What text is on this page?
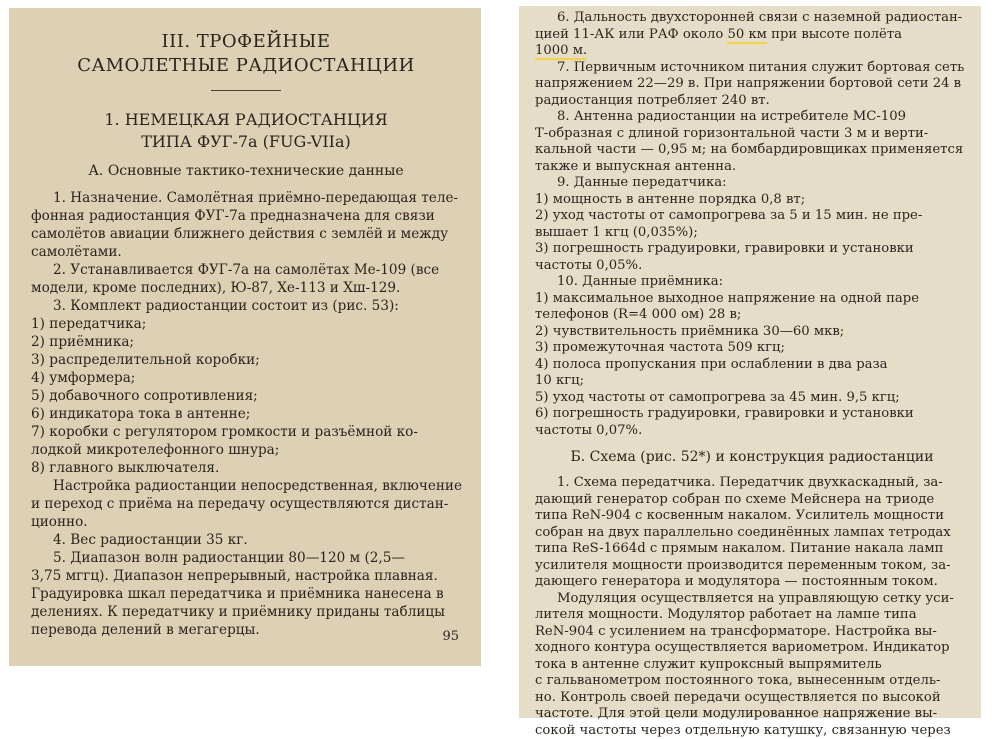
III. ТРОФЕЙНЫЕ
САМОЛЕТНЫЕ РАДИОСТАНЦИИ
1. НЕМЕЦКАЯ РАДИОСТАНЦИЯ
ТИПА ФУГ-7а (FUG-VIIa)
А. Основные тактико-технические данные
1. Назначение. Самолётная приёмно-передающая теле-
фонная радиостанция ФУГ-7а предназначена для связи
самолётов авиации ближнего действия с землёй и между
самолётами.
2. Устанавливается ФУГ-7а на самолётах Ме-109 (все
модели, кроме последних), Ю-87, Хе-113 и Хш-129.
3. Комплект радиостанции состоит из (рис. 53):
1) передатчика;
2) приёмника;
3) распределительной коробки;
4) умформера;
5) добавочного сопротивления;
6) индикатора тока в антенне;
7) коробки с регулятором громкости и разъёмной ко-
лодкой микротелефонного шнура;
8) главного выключателя.
Настройка радиостанции непосредственная, включение
и переход с приёма на передачу осуществляются дистан-
ционно.
4. Вес радиостанции 35 кг.
5. Диапазон волн радиостанции 80—120 м (2,5—
3,75 мггц). Диапазон непрерывный, настройка плавная.
Градуировка шкал передатчика и приёмника нанесена в
делениях. К передатчику и приёмнику приданы таблицы
перевода делений в мегагерцы.	95
6. Дальность двухсторонней связи с наземной радиостан-
цией 11-АК или РАФ около 50 км при высоте полёта
1000 м.
7. Первичным источником питания служит бортовая сеть
напряжением 22—29 в. При напряжении бортовой сети 24 в
радиостанция потребляет 240 вт.
8. Антенна радиостанции на истребителе МС-109
Т-образная с длиной горизонтальной части 3 м и верти-
кальной части — 0,95 м; на бомбардировщиках применяется
также и выпускная антенна.
9. Данные передатчика:
1) мощность в антенне порядка 0,8 вт;
2) уход частоты от самопрогрева за 5 и 15 мин. не пре-
вышает 1 кгц (0,035%);
3) погрешность градуировки, гравировки и установки
частоты 0,05%.
10. Данные приёмника:
1) максимальное выходное напряжение на одной паре
телефонов (R=4 000 ом) 28 в;
2) чувствительность приёмника 30—60 мкв;
3) промежуточная частота 509 кгц;
4) полоса пропускания при ослаблении в два раза
10 кгц;
5) уход частоты от самопрогрева за 45 мин. 9,5 кгц;
6) погрешность градуировки, гравировки и установки
частоты 0,07%.
Б. Схема (рис. 52*) и конструкция радиостанции
1. Схема передатчика. Передатчик двухкаскадный, за-
дающий генератор собран по схеме Мейснера на триоде
типа ReN-904 с косвенным накалом. Усилитель мощности
собран на двух параллельно соединённых лампах тетродах
типа ReS-1664d с прямым накалом. Питание накала ламп
усилителя мощности производится переменным током, за-
дающего генератора и модулятора — постоянным током.
Модуляция осуществляется на управляющую сетку уси-
лителя мощности. Модулятор работает на лампе типа
ReN-904 с усилением на трансформаторе. Настройка вы-
ходного контура осуществляется вариометром. Индикатор
тока в антенне служит купроксный выпрямитель
с гальванометром постоянного тока, вынесенным отдель-
но. Контроль своей передачи осуществляется по высокой
частоте. Для этой цели модулированное напряжение вы-
сокой частоты через отдельную катушку, связанную через
